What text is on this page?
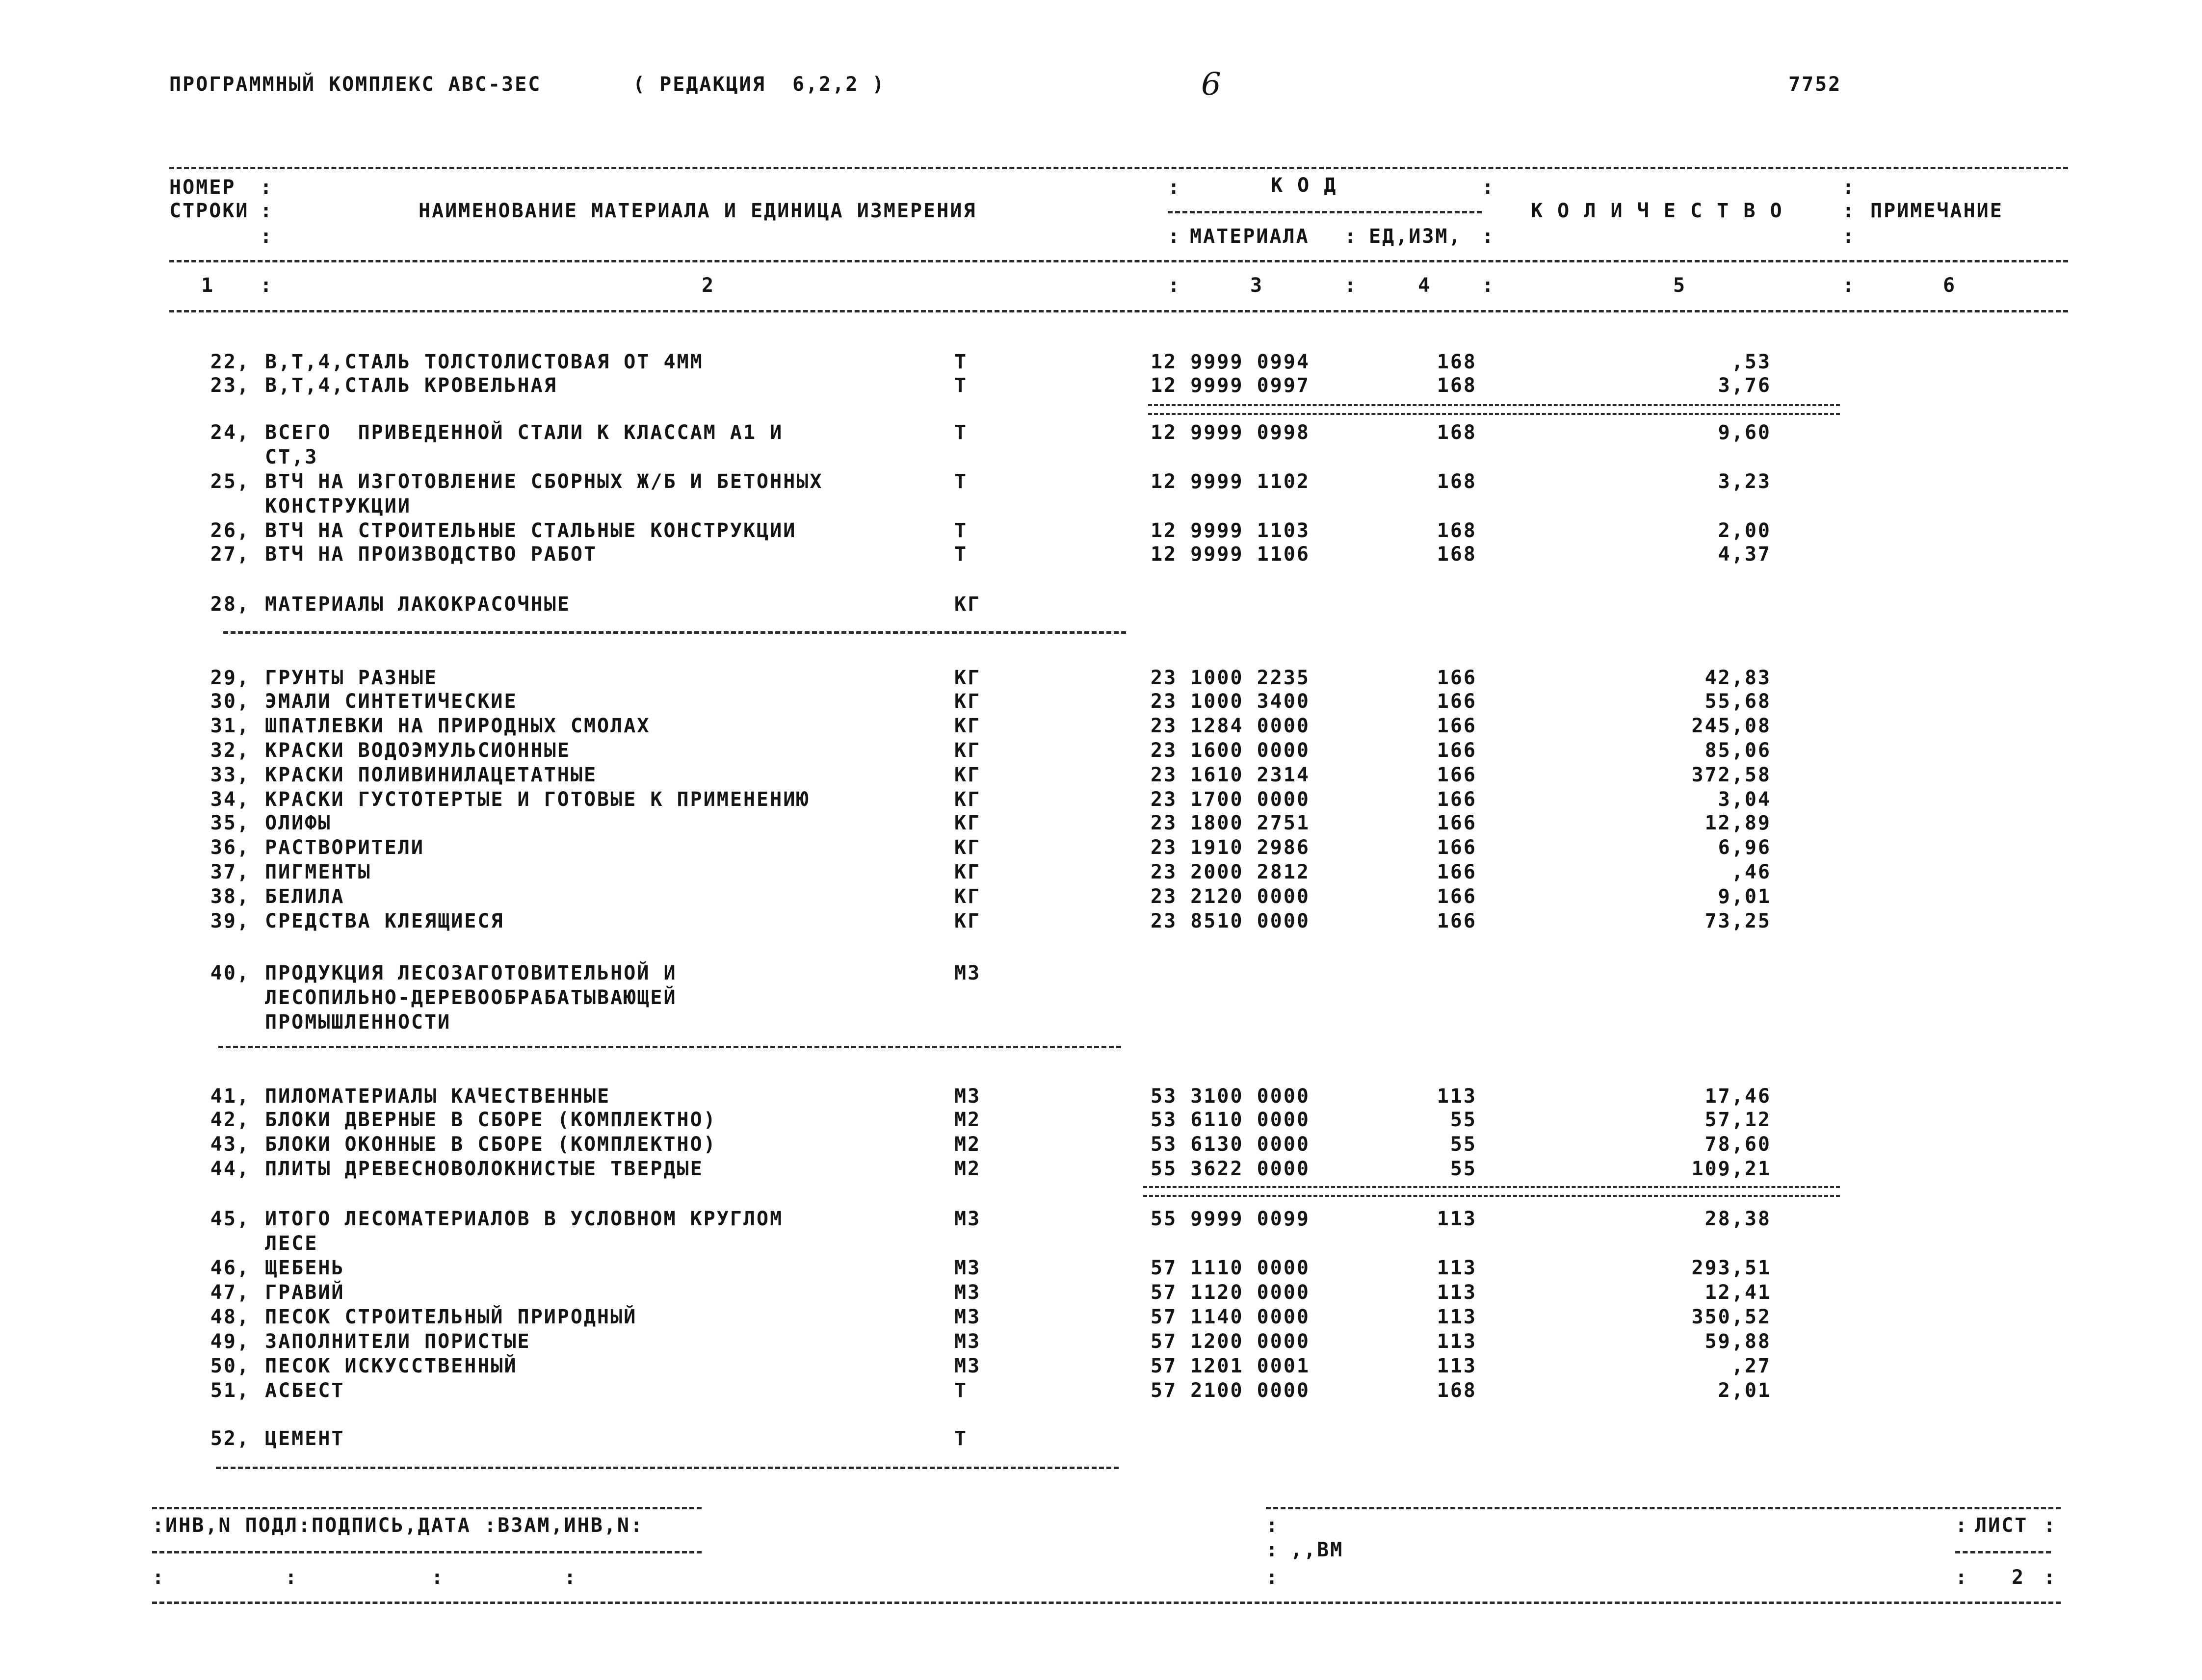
ПРОГРАММНЫЙ КОМПЛЕКС АВС-ЗЕС	( РЕДАКЦИЯ  6,2,2 )	6	7752
НОМЕР
СТРОКИ	НАИМЕНОВАНИЕ МАТЕРИАЛА И ЕДИНИЦА ИЗМЕРЕНИЯ
К О Д
МАТЕРИАЛА	ЕД,ИЗМ,
К О Л И Ч Е С Т В О	ПРИМЕЧАНИЕ
:
:
:
:
:	:
:
:
:
:
:
1 :	2	:	3	:	4	:	5	:	6
22, В,Т,4,СТАЛЬ ТОЛСТОЛИСТОВАЯ ОТ 4ММ	Т	12 9999 0994	168	,53
23, В,Т,4,СТАЛЬ КРОВЕЛЬНАЯ	Т	12 9999 0997	168	3,76
24, ВСЕГО  ПРИВЕДЕННОЙ СТАЛИ К КЛАССАМ А1 И
СТ,3
Т	12 9999 0998	168	9,60
25, ВТЧ НА ИЗГОТОВЛЕНИЕ СБОРНЫХ Ж/Б И БЕТОННЫХ
КОНСТРУКЦИИ
Т	12 9999 1102	168	3,23
26, ВТЧ НА СТРОИТЕЛЬНЫЕ СТАЛЬНЫЕ КОНСТРУКЦИИ	Т	12 9999 1103	168	2,00
27, ВТЧ НА ПРОИЗВОДСТВО РАБОТ	Т	12 9999 1106	168	4,37
28, МАТЕРИАЛЫ ЛАКОКРАСОЧНЫЕ	КГ
29, ГРУНТЫ РАЗНЫЕ	КГ	23 1000 2235	166	42,83
30, ЭМАЛИ СИНТЕТИЧЕСКИЕ	КГ	23 1000 3400	166	55,68
31, ШПАТЛЕВКИ НА ПРИРОДНЫХ СМОЛАХ	КГ	23 1284 0000	166	245,08
32, КРАСКИ ВОДОЭМУЛЬСИОННЫЕ	КГ	23 1600 0000	166	85,06
33, КРАСКИ ПОЛИВИНИЛАЦЕТАТНЫЕ	КГ	23 1610 2314	166	372,58
34, КРАСКИ ГУСТОТЕРТЫЕ И ГОТОВЫЕ К ПРИМЕНЕНИЮ	КГ	23 1700 0000	166	3,04
35, ОЛИФЫ	КГ	23 1800 2751	166	12,89
36, РАСТВОРИТЕЛИ	КГ	23 1910 2986	166	6,96
37, ПИГМЕНТЫ	КГ	23 2000 2812	166	,46
38, БЕЛИЛА	КГ	23 2120 0000	166	9,01
39, СРЕДСТВА КЛЕЯЩИЕСЯ	КГ	23 8510 0000	166	73,25
40, ПРОДУКЦИЯ ЛЕСОЗАГОТОВИТЕЛЬНОЙ И
ЛЕСОПИЛЬНО-ДЕРЕВООБРАБАТЫВАЮЩЕЙ
ПРОМЫШЛЕННОСТИ
М3
41, ПИЛОМАТЕРИАЛЫ КАЧЕСТВЕННЫЕ	М3	53 3100 0000	113	17,46
42, БЛОКИ ДВЕРНЫЕ В СБОРЕ (КОМПЛЕКТНО)	М2	53 6110 0000	55	57,12
43, БЛОКИ ОКОННЫЕ В СБОРЕ (КОМПЛЕКТНО)	М2	53 6130 0000	55	78,60
44, ПЛИТЫ ДРЕВЕСНОВОЛОКНИСТЫЕ ТВЕРДЫЕ	М2	55 3622 0000	55	109,21
45, ИТОГО ЛЕСОМАТЕРИАЛОВ В УСЛОВНОМ КРУГЛОМ
ЛЕСЕ
М3	55 9999 0099	113	28,38
46, ЩЕБЕНЬ	М3	57 1110 0000	113	293,51
47, ГРАВИЙ	М3	57 1120 0000	113	12,41
48, ПЕСОК СТРОИТЕЛЬНЫЙ ПРИРОДНЫЙ	М3	57 1140 0000	113	350,52
49, ЗАПОЛНИТЕЛИ ПОРИСТЫЕ	М3	57 1200 0000	113	59,88
50, ПЕСОК ИСКУССТВЕННЫЙ	М3	57 1201 0001	113	,27
51, АСБЕСТ	Т	57 2100 0000	168	2,01
52, ЦЕМЕНТ	Т
:ИНВ,N ПОДЛ:ПОДПИСЬ,ДАТА :ВЗАМ,ИНВ,N:
:         :          :         :
:
:
:
,,ВМ
: ЛИСТ :
: 2 :
